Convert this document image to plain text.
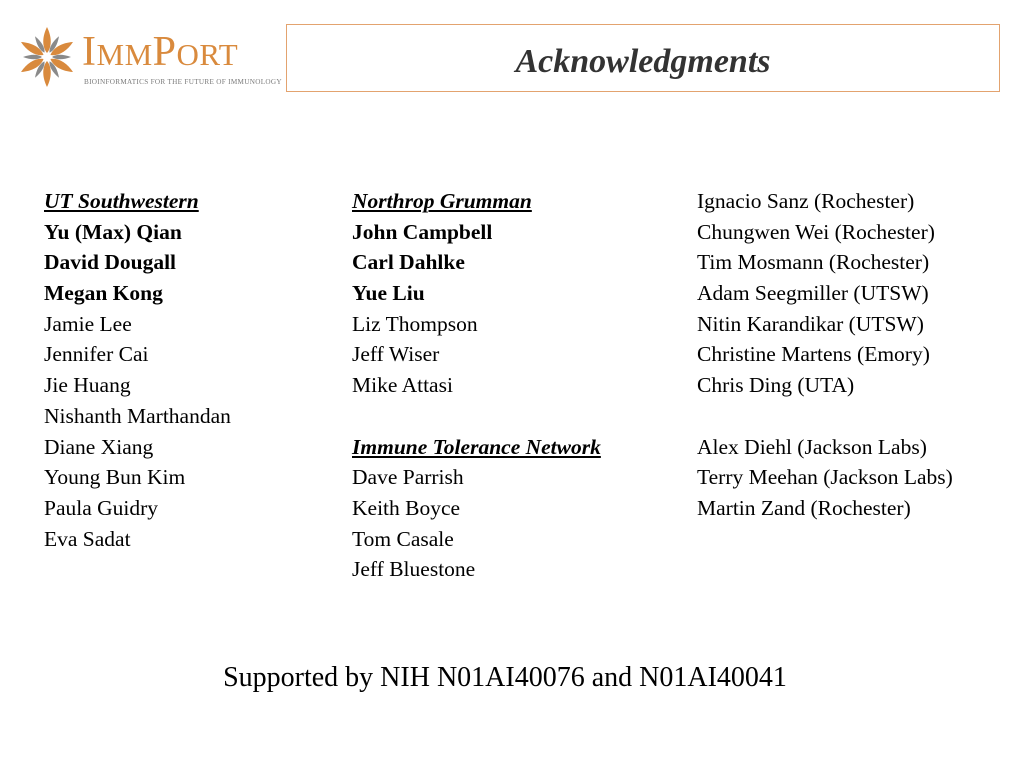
IMMPORT
BIOINFORMATICS FOR THE FUTURE OF IMMUNOLOGY
Acknowledgments
UT Southwestern
Yu (Max) Qian
David Dougall
Megan Kong
Jamie Lee
Jennifer Cai
Jie Huang
Nishanth Marthandan
Diane Xiang
Young Bun Kim
Paula Guidry
Eva Sadat
Northrop Grumman
John Campbell
Carl Dahlke
Yue Liu
Liz Thompson
Jeff Wiser
Mike Attasi
Immune Tolerance Network
Dave Parrish
Keith Boyce
Tom Casale
Jeff Bluestone
Ignacio Sanz (Rochester)
Chungwen Wei (Rochester)
Tim Mosmann (Rochester)
Adam Seegmiller (UTSW)
Nitin Karandikar (UTSW)
Christine Martens (Emory)
Chris Ding (UTA)
Alex Diehl (Jackson Labs)
Terry Meehan (Jackson Labs)
Martin Zand (Rochester)
Supported by NIH N01AI40076 and N01AI40041
